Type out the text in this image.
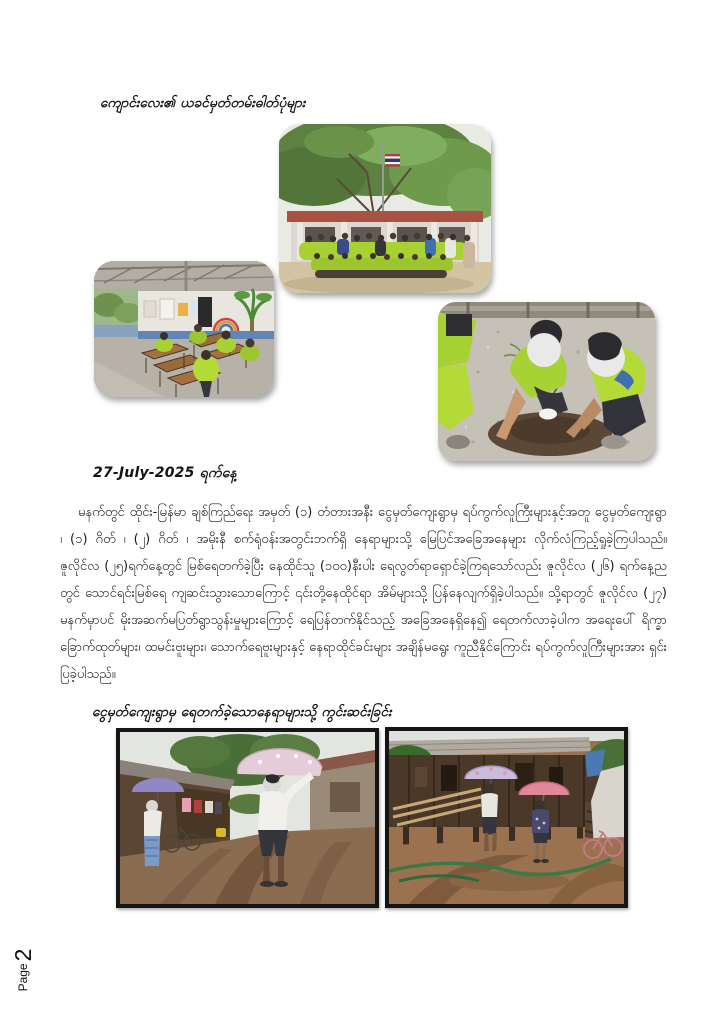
ကျောင်းလေး၏ ယခင်မှတ်တမ်းဓါတ်ပုံများ
27-July-2025 ရက်နေ့

မနက်တွင် ထိုင်း-မြန်မာ ချစ်ကြည်ရေး အမှတ် (၁) တံတားအနီး ငွေမှတ်ကျေးရွာမှ ရပ်ကွက်လူကြီးများနှင့်အတူ ငွေမှတ်ကျေးရွာ ၊ (၁) ဂိတ် ၊ (၂) ဂိတ် ၊ အမိုးနီ စက်ရုံဝန်းအတွင်းဘက်ရှိ နေရာများသို့ မြေပြင်အခြေအနေများ လိုက်လံကြည့်ရှုခဲ့ကြပါသည်။ ဇူလိုင်လ (၂၅)ရက်နေ့တွင် မြစ်ရေတက်ခဲ့ပြီး နေထိုင်သူ (၁၀၀)နီးပါး ရေလွတ်ရာရှောင်ခဲ့ကြရသော်လည်း ဇူလိုင်လ (၂၆) ရက်နေ့ညတွင် သောင်ရင်းမြစ်ရေ ကျဆင်းသွားသောကြောင့် ၎င်းတို့နေထိုင်ရာ အိမ်များသို့ ပြန်နေလျက်ရှိခဲ့ပါသည်။ သို့ရာတွင် ဇူလိုင်လ (၂၇) မနက်မှာပင် မိုးအဆက်မပြတ်ရွာသွန်းမှုများကြောင့် ရေပြန်တက်နိုင်သည့် အခြေအနေရှိနေ၍ ရေတက်လာခဲ့ပါက အရေးပေါ် ရိက္ခာ ခြောက်ထုတ်များ၊ ထမင်းဗူးများ၊ သောက်ရေဗူးများနှင့် နေရာထိုင်ခင်းများ အချိန်မရွေး ကူညီနိုင်ကြောင်း ရပ်ကွက်လူကြီးများအား ရှင်းပြခဲ့ပါသည်။

ငွေမှတ်ကျေးရွာမှ ရေတက်ခဲ့သောနေရာများသို့ ကွင်းဆင်းခြင်း
Page
2
